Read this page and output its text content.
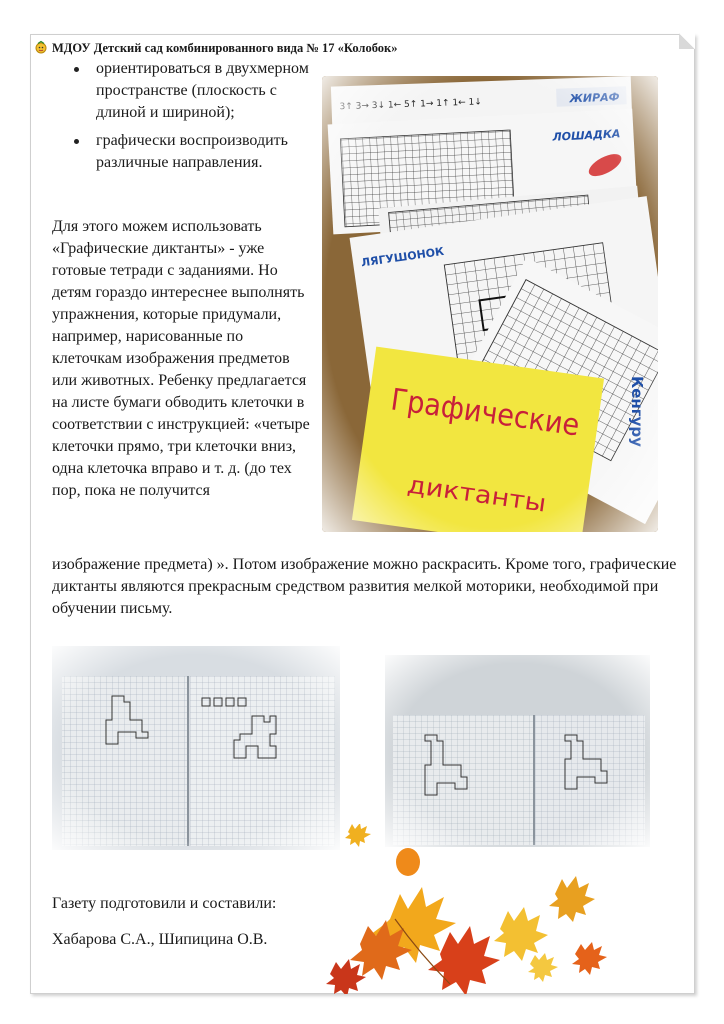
МДОУ Детский сад комбинированного вида № 17 «Колобок»
ориентироваться в двухмерном пространстве (плоскость с длиной и шириной);
графически воспроизводить различные направления.

Для этого можем использовать «Графические диктанты» - уже готовые тетради с заданиями. Но детям гораздо интереснее выполнять упражнения, которые придумали, например, нарисованные по клеточкам изображения предметов или животных. Ребенку предлагается на листе бумаги обводить клеточки в соответствии с инструкцией: «четыре клеточки прямо, три клеточки вниз, одна клеточка вправо и т. д. (до тех пор, пока не получится

изображение предмета) ». Потом изображение можно раскрасить. Кроме того, графические диктанты являются прекрасным средством развития мелкой моторики, необходимой при обучении письму.

Газету подготовили и составили:

Хабарова С.А., Шипицина О.В.
